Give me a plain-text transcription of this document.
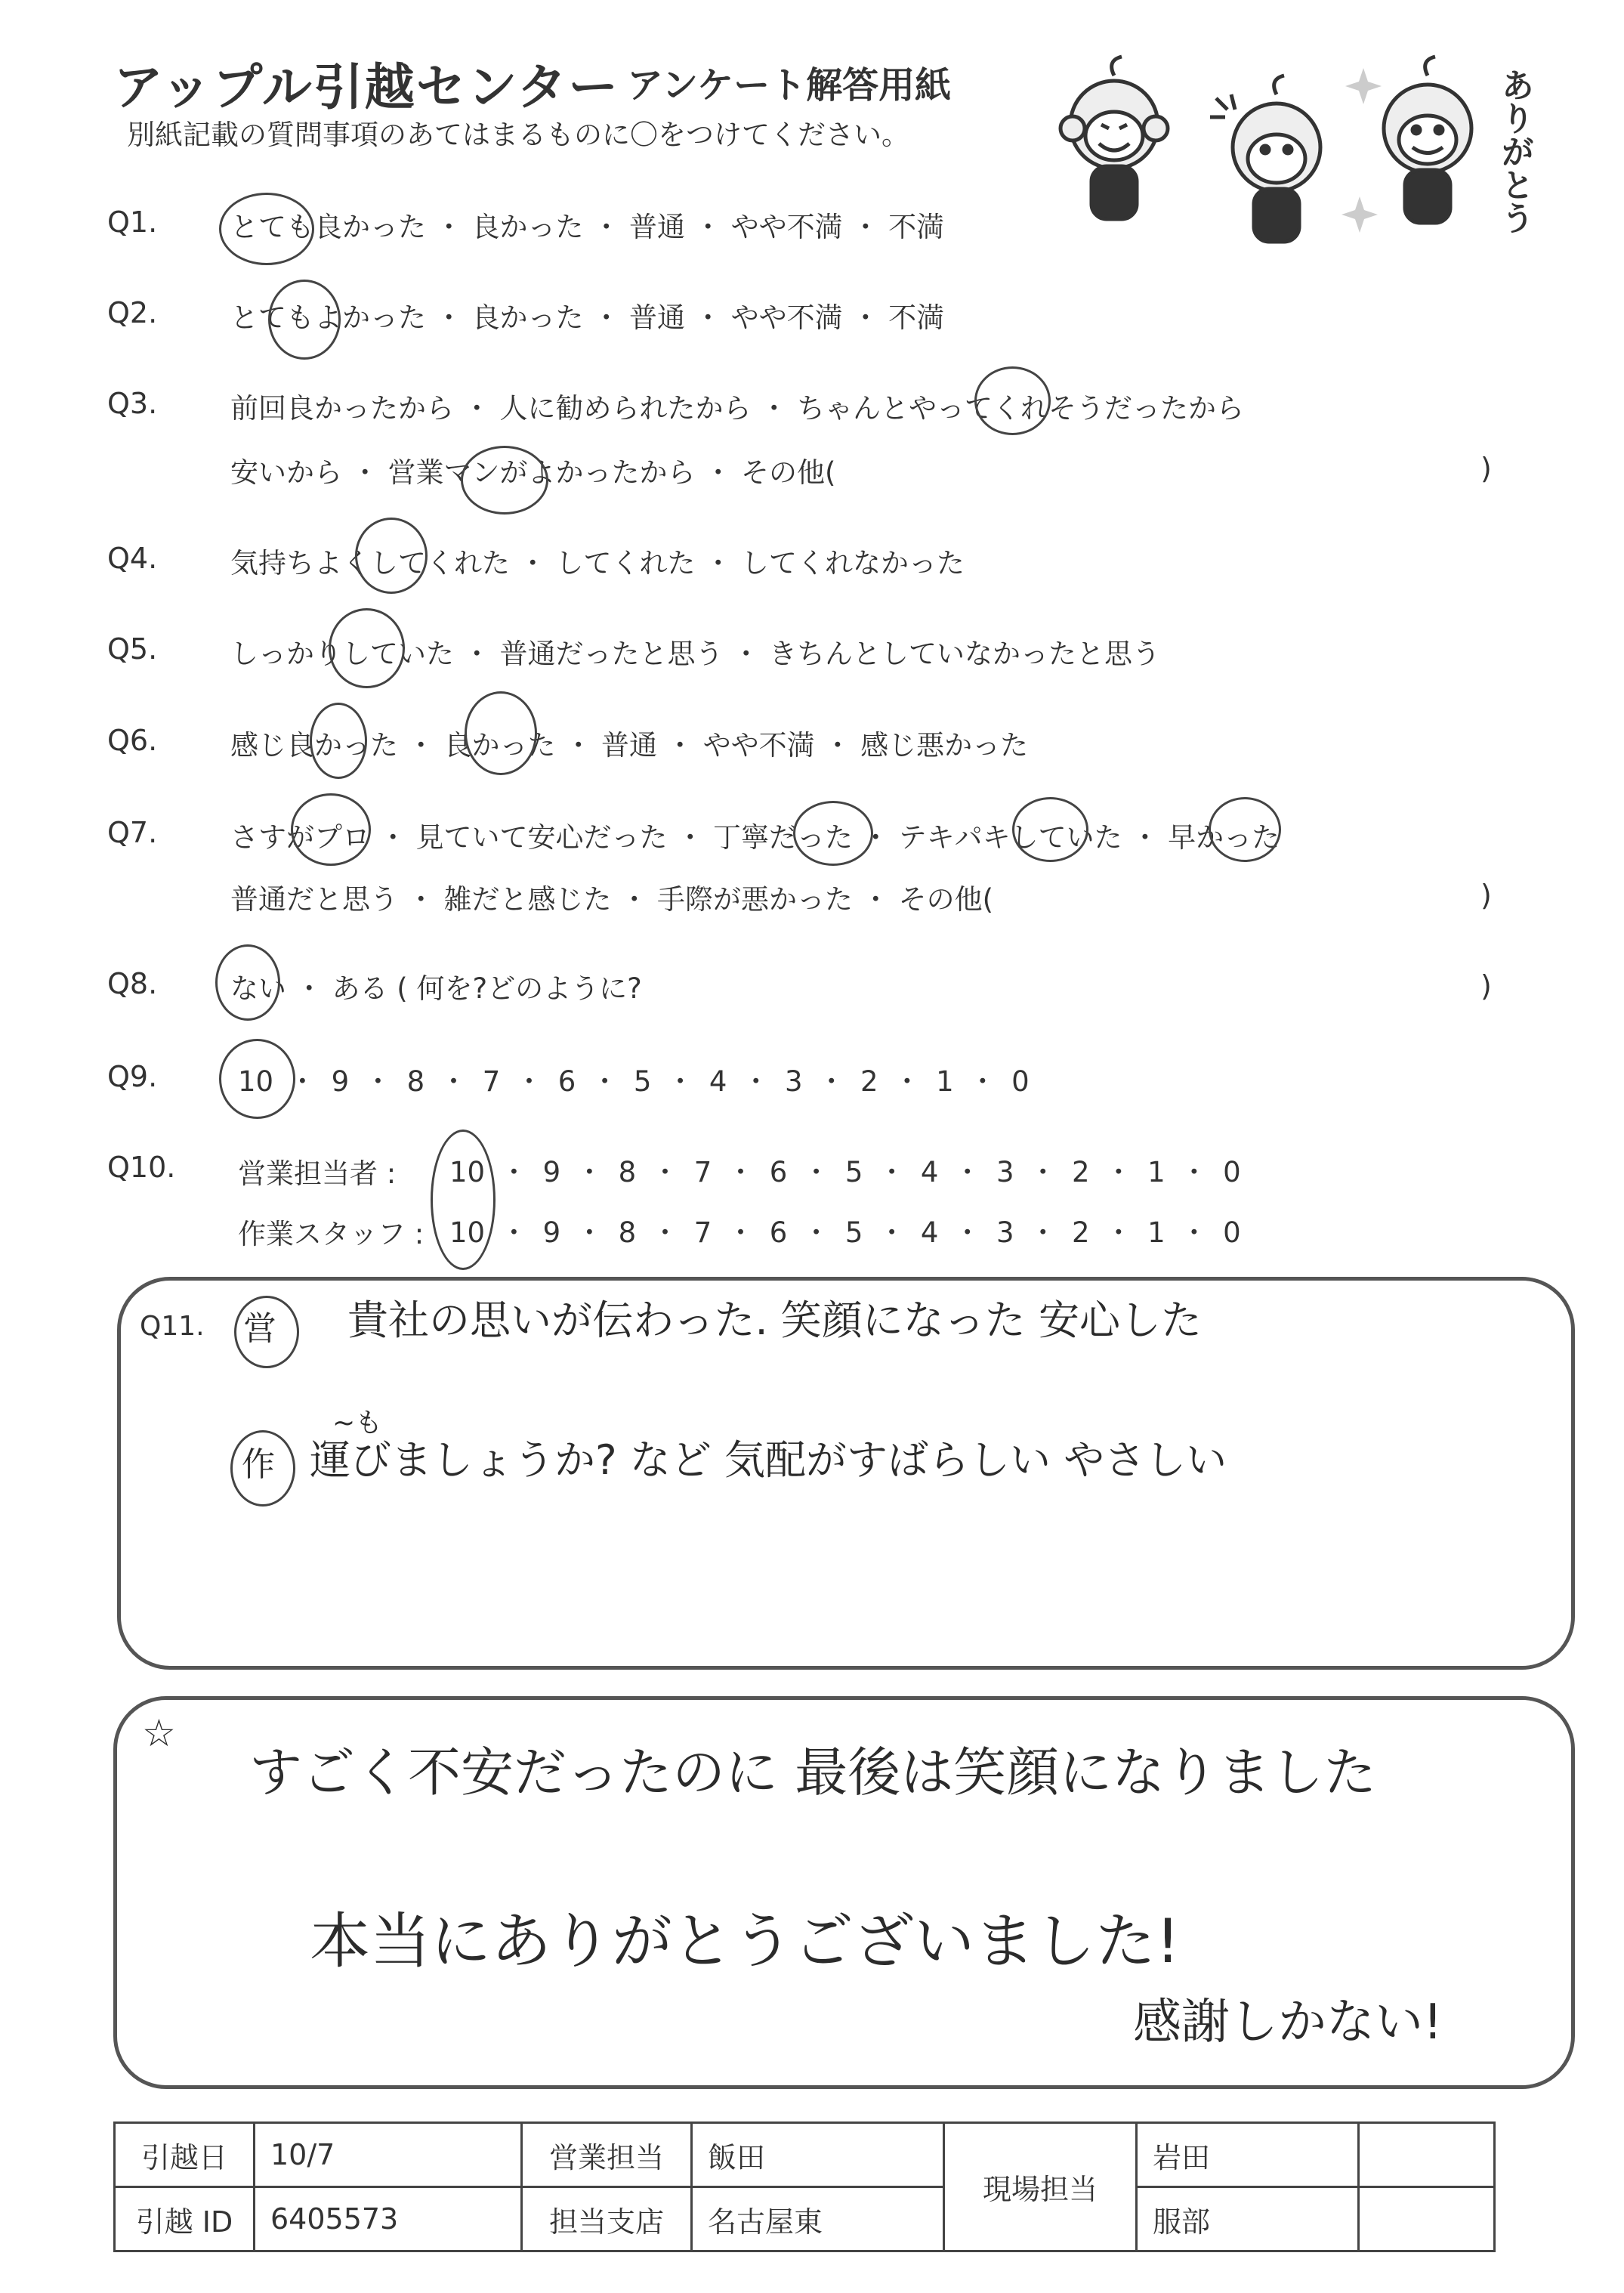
アップル引越センター アンケート解答用紙
別紙記載の質問事項のあてはまるものに〇をつけてください。	ありがとう
Q1.	とても良かった ・ 良かった ・ 普通 ・ やや不満 ・ 不満
Q2.	とてもよかった ・ 良かった ・ 普通 ・ やや不満 ・ 不満
Q3.	前回良かったから ・ 人に勧められたから ・ ちゃんとやってくれそうだったから
安いから ・ 営業マンがよかったから ・ その他(	)
Q4.	気持ちよくしてくれた ・ してくれた ・ してくれなかった
Q5.	しっかりしていた ・ 普通だったと思う ・ きちんとしていなかったと思う
Q6.	感じ良かった ・ 良かった ・ 普通 ・ やや不満 ・ 感じ悪かった
Q7.	さすがプロ ・ 見ていて安心だった ・ 丁寧だった ・ テキパキしていた ・ 早かった
普通だと思う ・ 雑だと感じた ・ 手際が悪かった ・ その他(	)
Q8.	ない ・ ある ( 何を?どのように?	)
Q9.	10 ・ 9 ・ 8 ・ 7 ・ 6 ・ 5 ・ 4 ・ 3 ・ 2 ・ 1 ・ 0
Q10. 営業担当者 : 10 ・ 9 ・ 8 ・ 7 ・ 6 ・ 5 ・ 4 ・ 3 ・ 2 ・ 1 ・ 0
作業スタッフ : 10 ・ 9 ・ 8 ・ 7 ・ 6 ・ 5 ・ 4 ・ 3 ・ 2 ・ 1 ・ 0
Q11. 営 貴社の思いが伝わった. 笑顔になった 安心した
~も
作 運びましょうか? など 気配がすばらしい やさしい
☆
すごく不安だったのに 最後は笑顔になりました
本当にありがとうございました!
感謝しかない!
引越日	10/7	営業担当	飯田	現場担当	岩田	
引越 ID	6405573	担当支店	名古屋東		服部	
